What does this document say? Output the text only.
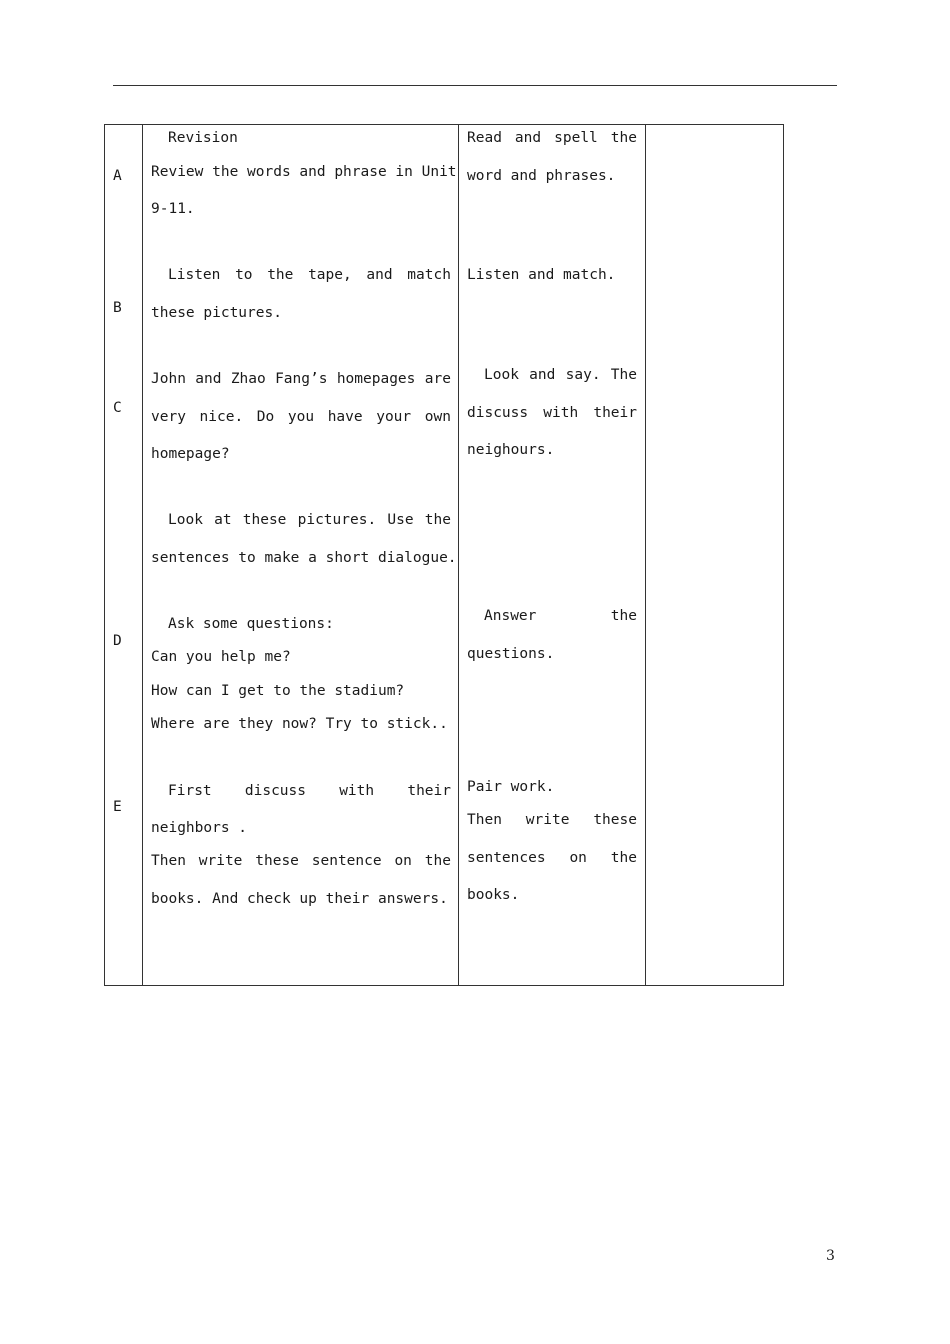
A
Revision
Review the words and phrase in Unit
9-11.
Read and spell the
word and phrases.
B
Listen to the tape, and match
these pictures.
Listen and match.
C
John and Zhao Fang’s homepages are
very nice. Do you have your own
homepage?
Look at these pictures. Use the
sentences to make a short dialogue.
Look and say. The
discuss with their
neighours.
D
Ask some questions:
Can you help me?
How can I get to the stadium?
Where are they now? Try to stick..
Answer	the
questions.
E
First discuss with their
neighbors .
Then write these sentence on the
books. And check up their answers.
Pair work.
Then write these
sentences on the
books.
3
